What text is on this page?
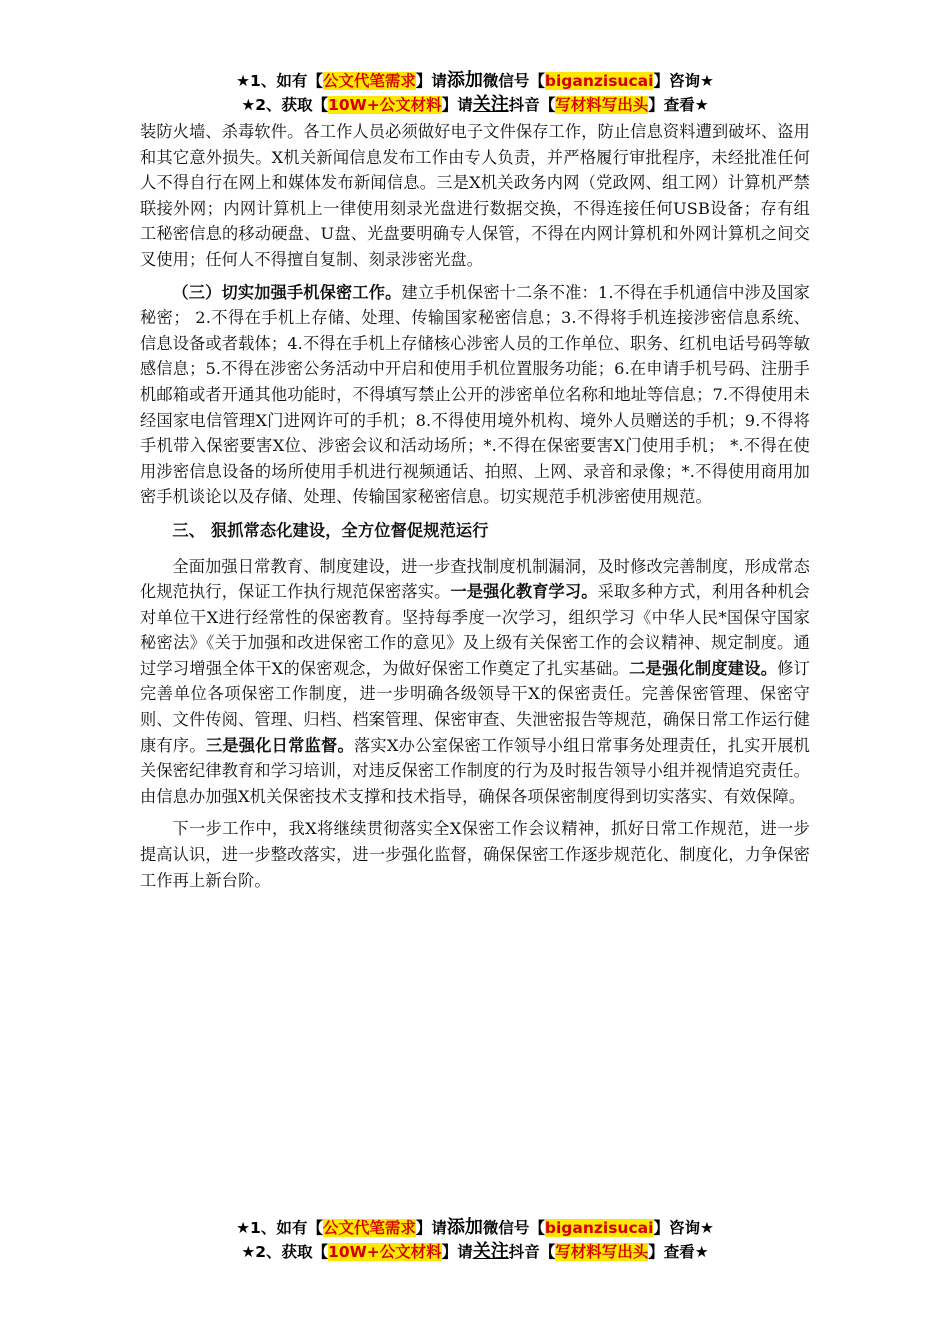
★1、如有【公文代笔需求】请添加微信号【biganzisucai】咨询★
★2、获取【10W+公文材料】请关注抖音【写材料写出头】查看★

装防火墙、杀毒软件。各工作人员必须做好电子文件保存工作，防止信息资料遭到破坏、盗用和其它意外损失。X机关新闻信息发布工作由专人负责，并严格履行审批程序，未经批准任何人不得自行在网上和媒体发布新闻信息。三是X机关政务内网（党政网、组工网）计算机严禁联接外网；内网计算机上一律使用刻录光盘进行数据交换，不得连接任何USB设备；存有组工秘密信息的移动硬盘、U盘、光盘要明确专人保管，不得在内网计算机和外网计算机之间交叉使用；任何人不得擅自复制、刻录涉密光盘。

（三）切实加强手机保密工作。建立手机保密十二条不准：1.不得在手机通信中涉及国家秘密； 2.不得在手机上存储、处理、传输国家秘密信息；3.不得将手机连接涉密信息系统、信息设备或者载体；4.不得在手机上存储核心涉密人员的工作单位、职务、红机电话号码等敏感信息；5.不得在涉密公务活动中开启和使用手机位置服务功能；6.在申请手机号码、注册手机邮箱或者开通其他功能时，不得填写禁止公开的涉密单位名称和地址等信息；7.不得使用未经国家电信管理X门进网许可的手机；8.不得使用境外机构、境外人员赠送的手机；9.不得将手机带入保密要害X位、涉密会议和活动场所；*.不得在保密要害X门使用手机； *.不得在使用涉密信息设备的场所使用手机进行视频通话、拍照、上网、录音和录像；*.不得使用商用加密手机谈论以及存储、处理、传输国家秘密信息。切实规范手机涉密使用规范。

三、 狠抓常态化建设，全方位督促规范运行

全面加强日常教育、制度建设，进一步查找制度机制漏洞，及时修改完善制度，形成常态化规范执行，保证工作执行规范保密落实。一是强化教育学习。采取多种方式，利用各种机会对单位干X进行经常性的保密教育。坚持每季度一次学习，组织学习《中华人民*国保守国家秘密法》《关于加强和改进保密工作的意见》及上级有关保密工作的会议精神、规定制度。通过学习增强全体干X的保密观念，为做好保密工作奠定了扎实基础。二是强化制度建设。修订完善单位各项保密工作制度，进一步明确各级领导干X的保密责任。完善保密管理、保密守则、文件传阅、管理、归档、档案管理、保密审查、失泄密报告等规范，确保日常工作运行健康有序。三是强化日常监督。落实X办公室保密工作领导小组日常事务处理责任，扎实开展机关保密纪律教育和学习培训，对违反保密工作制度的行为及时报告领导小组并视情追究责任。由信息办加强X机关保密技术支撑和技术指导，确保各项保密制度得到切实落实、有效保障。

下一步工作中，我X将继续贯彻落实全X保密工作会议精神，抓好日常工作规范，进一步提高认识，进一步整改落实，进一步强化监督，确保保密工作逐步规范化、制度化，力争保密工作再上新台阶。

★1、如有【公文代笔需求】请添加微信号【biganzisucai】咨询★
★2、获取【10W+公文材料】请关注抖音【写材料写出头】查看★
